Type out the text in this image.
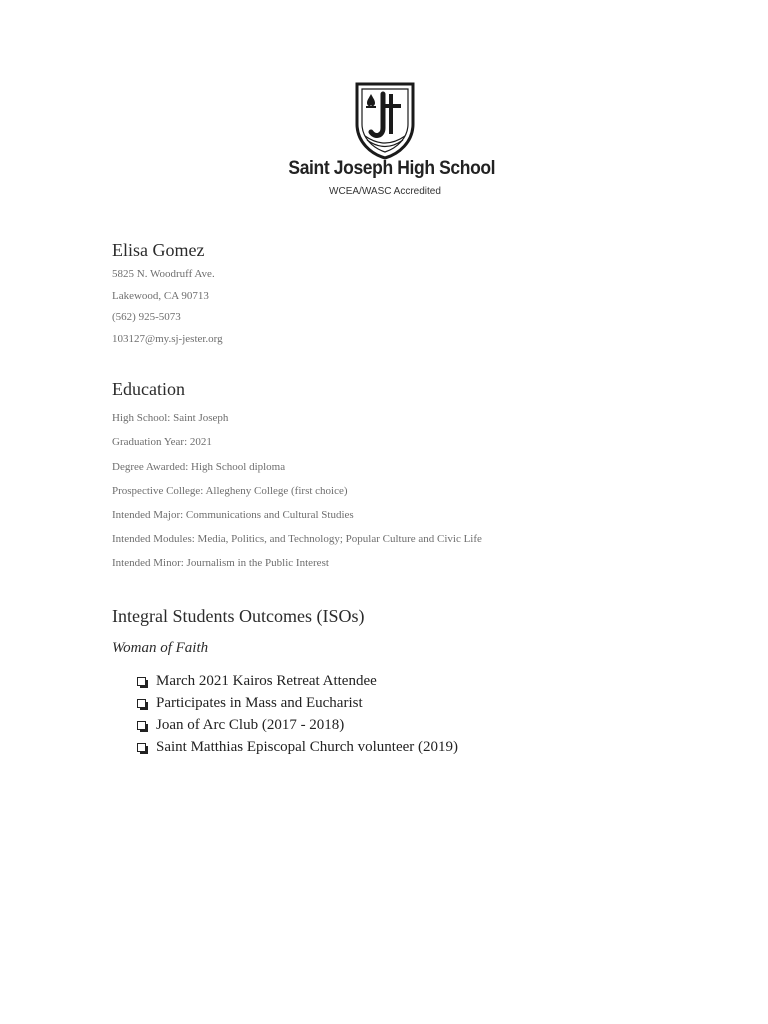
Saint Joseph High School
WCEA/WASC Accredited
Elisa Gomez
5825 N. Woodruff Ave.
Lakewood, CA 90713
(562) 925-5073
103127@my.sj-jester.org
Education
High School: Saint Joseph
Graduation Year: 2021
Degree Awarded: High School diploma
Prospective College: Allegheny College (first choice)
Intended Major: Communications and Cultural Studies
Intended Modules: Media, Politics, and Technology; Popular Culture and Civic Life
Intended Minor: Journalism in the Public Interest
Integral Students Outcomes (ISOs)
Woman of Faith
March 2021 Kairos Retreat Attendee
Participates in Mass and Eucharist
Joan of Arc Club (2017 - 2018)
Saint Matthias Episcopal Church volunteer (2019)
